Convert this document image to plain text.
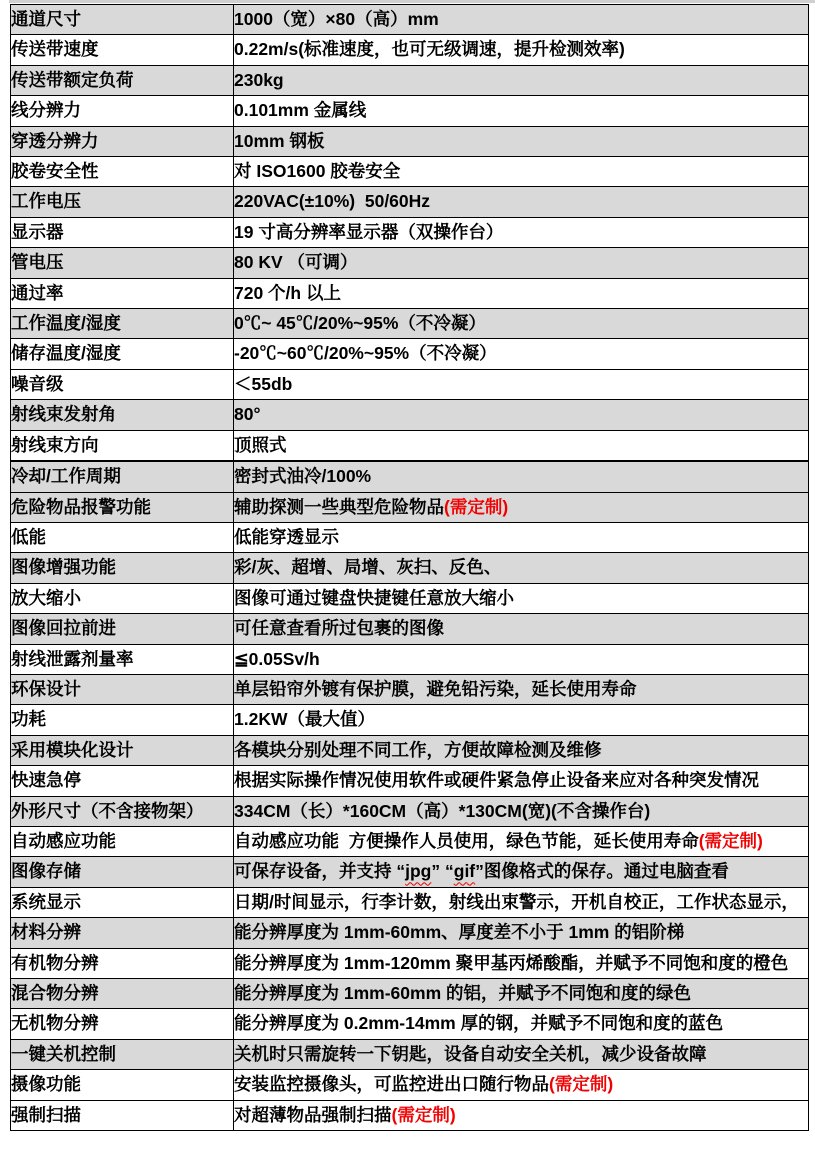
通道尺寸	1000（宽）×80（高）mm
传送带速度	0.22m/s(标准速度，也可无级调速，提升检测效率)
传送带额定负荷	230kg
线分辨力	0.101mm 金属线
穿透分辨力	10mm 钢板
胶卷安全性	对 ISO1600 胶卷安全
工作电压	220VAC(±10%)  50/60Hz
显示器	19 寸高分辨率显示器（双操作台）
管电压	80 KV （可调）
通过率	720 个/h 以上
工作温度/湿度	0℃~ 45℃/20%~95%（不冷凝）
储存温度/湿度	-20℃~60℃/20%~95%（不冷凝）
噪音级	＜55db
射线束发射角	80°
射线束方向	顶照式
冷却/工作周期	密封式油冷/100%
危险物品报警功能	辅助探测一些典型危险物品(需定制)
低能	低能穿透显示
图像增强功能	彩/灰、超增、局增、灰扫、反色、
放大缩小	图像可通过键盘快捷键任意放大缩小
图像回拉前进	可任意查看所过包裹的图像
射线泄露剂量率	≦0.05Sv/h
环保设计	单层铅帘外镀有保护膜，避免铅污染，延长使用寿命
功耗	1.2KW（最大值）
采用模块化设计	各模块分别处理不同工作，方便故障检测及维修
快速急停	根据实际操作情况使用软件或硬件紧急停止设备来应对各种突发情况
外形尺寸（不含接物架）	334CM（长）*160CM（高）*130CM(宽)(不含操作台)
自动感应功能	自动感应功能  方便操作人员使用，绿色节能，延长使用寿命(需定制)
图像存储	可保存设备，并支持 “jpg” “gif”图像格式的保存。通过电脑查看
系统显示	日期/时间显示，行李计数，射线出束警示，开机自校正，工作状态显示，
材料分辨	能分辨厚度为 1mm-60mm、厚度差不小于 1mm 的铝阶梯
有机物分辨	能分辨厚度为 1mm-120mm 聚甲基丙烯酸酯，并赋予不同饱和度的橙色
混合物分辨	能分辨厚度为 1mm-60mm 的铝，并赋予不同饱和度的绿色
无机物分辨	能分辨厚度为 0.2mm-14mm 厚的钢，并赋予不同饱和度的蓝色
一键关机控制	关机时只需旋转一下钥匙，设备自动安全关机，减少设备故障
摄像功能	安装监控摄像头，可监控进出口随行物品(需定制)
强制扫描	对超薄物品强制扫描(需定制)
